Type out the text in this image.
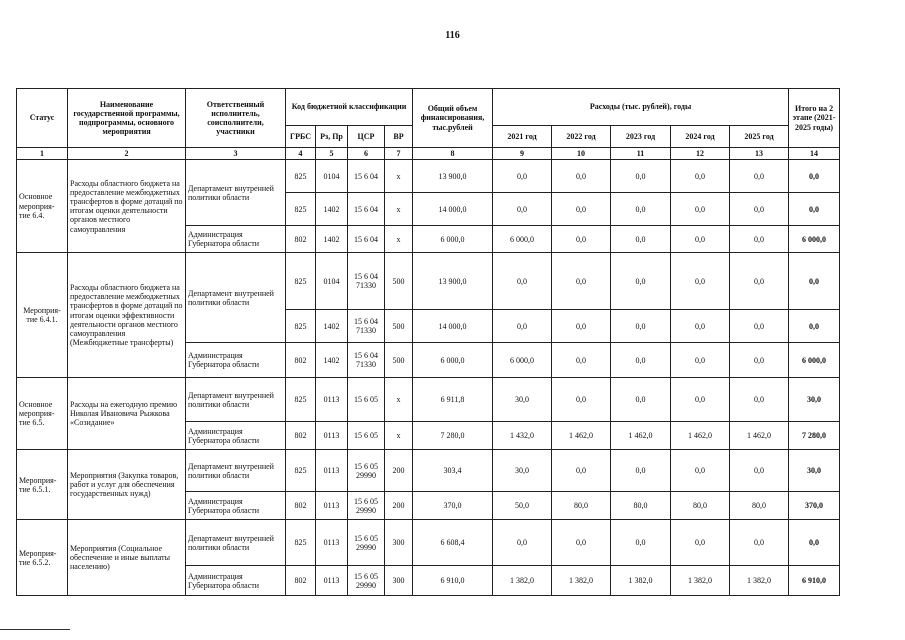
116
Статус	Наименование государственной программы, подпрограммы, основного мероприятия	Ответственный исполнитель, соисполнители, участники	Код бюджетной классификации				Общий объем финансирования, тыс.рублей	Расходы (тыс. рублей), годы					Итого на 2 этапе (2021-2025 годы)
			ГРБС	Рз, Пр	ЦСР	ВР		2021 год	2022 год	2023 год	2024 год	2025 год	
1	2	3	4	5	6	7	8	9	10	11	12	13	14
Основное мероприя-тие 6.4.	Расходы областного бюджета на предоставление межбюджетных трансфертов в форме дотаций по итогам оценки деятельности органов местного самоуправления	Департамент внутренней политики области	825	0104	15 6 04	х	13 900,0	0,0	0,0	0,0	0,0	0,0	0,0
			825	1402	15 6 04	х	14 000,0	0,0	0,0	0,0	0,0	0,0	0,0
		Администрация Губернатора области	802	1402	15 6 04	х	6 000,0	6 000,0	0,0	0,0	0,0	0,0	6 000,0
Мероприя-тие 6.4.1.	Расходы областного бюджета на предоставление межбюджетных трансфертов в форме дотаций по итогам оценки эффективности деятельности органов местного самоуправления (Межбюджетные трансферты)	Департамент внутренней политики области	825	0104	15 6 04 71330	500	13 900,0	0,0	0,0	0,0	0,0	0,0	0,0
			825	1402	15 6 04 71330	500	14 000,0	0,0	0,0	0,0	0,0	0,0	0,0
		Администрация Губернатора области	802	1402	15 6 04 71330	500	6 000,0	6 000,0	0,0	0,0	0,0	0,0	6 000,0
Основное мероприя-тие 6.5.	Расходы на ежегодную премию Николая Ивановича Рыжкова «Созидание»	Департамент внутренней политики области	825	0113	15 6 05	х	6 911,8	30,0	0,0	0,0	0,0	0,0	30,0
		Администрация Губернатора области	802	0113	15 6 05	х	7 280,0	1 432,0	1 462,0	1 462,0	1 462,0	1 462,0	7 280,0
Мероприя-тие 6.5.1.	Мероприятия (Закупка товаров, работ и услуг для обеспечения государственных нужд)	Департамент внутренней политики области	825	0113	15 6 05 29990	200	303,4	30,0	0,0	0,0	0,0	0,0	30,0
		Администрация Губернатора области	802	0113	15 6 05 29990	200	370,0	50,0	80,0	80,0	80,0	80,0	370,0
Мероприя-тие 6.5.2.	Мероприятия (Социальное обеспечение и иные выплаты населению)	Департамент внутренней политики области	825	0113	15 6 05 29990	300	6 608,4	0,0	0,0	0,0	0,0	0,0	0,0
		Администрация Губернатора области	802	0113	15 6 05 29990	300	6 910,0	1 382,0	1 382,0	1 382,0	1 382,0	1 382,0	6 910,0
